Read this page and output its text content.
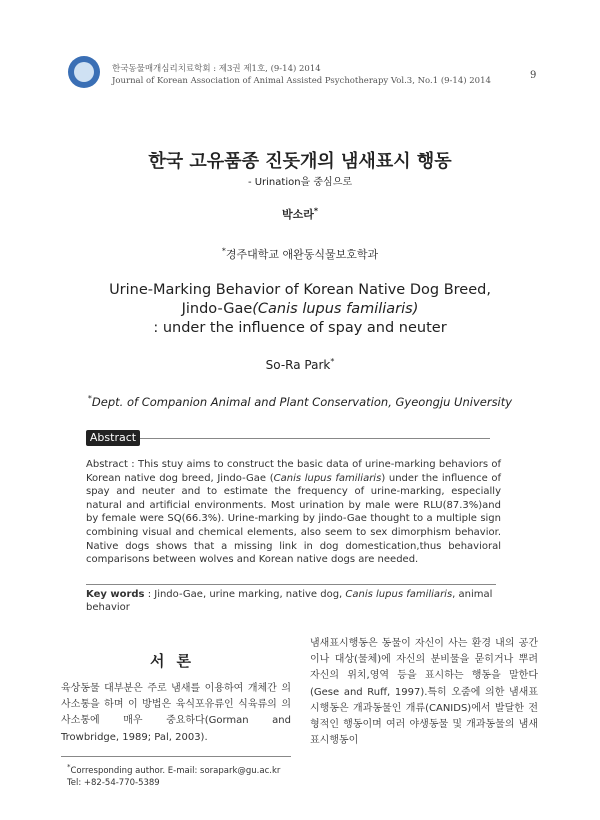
한국동물매개심리치료학회 : 제3권 제1호, (9-14) 2014
Journal of Korean Association of Animal Assisted Psychotherapy Vol.3, No.1 (9-14) 2014	9
한국 고유품종 진돗개의 냄새표시 행동
- Urination을 중심으로
박소라*
*경주대학교 애완동식물보호학과
Urine-Marking Behavior of Korean Native Dog Breed,
Jindo-Gae(Canis lupus familiaris)
: under the influence of spay and neuter
So-Ra Park*
*Dept. of Companion Animal and Plant Conservation, Gyeongju University
Abstract
Abstract : This stuy aims to construct the basic data of urine-marking behaviors of Korean native dog breed, Jindo-Gae (Canis lupus familiaris) under the influence of spay and neuter and to estimate the frequency of urine-marking, especially natural and artificial environments. Most urination by male were RLU(87.3%)and by female were SQ(66.3%). Urine-marking by jindo-Gae thought to a multiple sign combining visual and chemical elements, also seem to sex dimorphism behavior. Native dogs shows that a missing link in dog domestication,thus behavioral comparisons between wolves and Korean native dogs are needed.
Key words : Jindo-Gae, urine marking, native dog, Canis lupus familiaris, animal behavior
서론
육상동물 대부분은 주로 냄새를 이용하여 개체간 의사소통을 하며 이 방법은 육식포유류인 식육류의 의사소통에 매우 중요하다(Gorman and Trowbridge, 1989; Pal, 2003).
냄새표시행동은 동물이 자신이 사는 환경 내의 공간이나 대상(물체)에 자신의 분비물을 묻히거나 뿌려 자신의 위치,영역 등을 표시하는 행동을 말한다(Gese and Ruff, 1997).특히 오줌에 의한 냄새표시행동은 개과동물인 개류(CANIDS)에서 발달한 전형적인 행동이며 여러 야생동물 및 개과동물의 냄새표시행동이
*Corresponding author. E-mail: sorapark@gu.ac.kr
Tel: +82-54-770-5389
